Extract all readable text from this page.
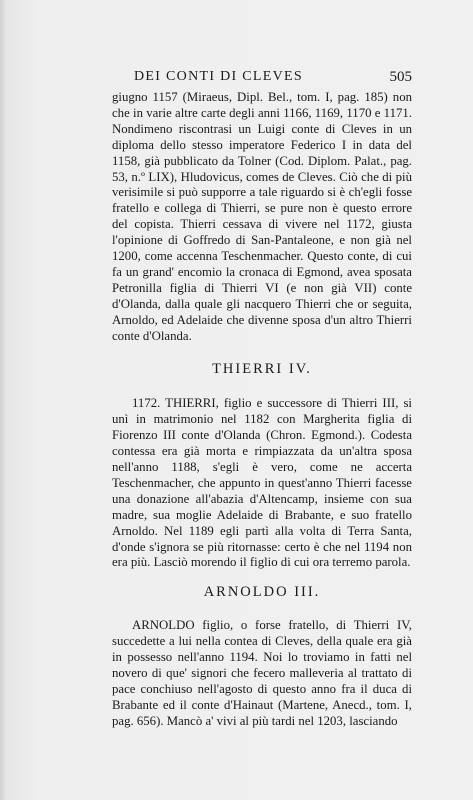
DEI CONTI DI CLEVES	505

giugno 1157 (Miraeus, Dipl. Bel., tom. I, pag. 185) non che in varie altre carte degli anni 1166, 1169, 1170 e 1171. Nondimeno riscontrasi un Luigi conte di Cleves in un diploma dello stesso imperatore Federico I in data del 1158, già pubblicato da Tolner (Cod. Diplom. Palat., pag. 53, n.º LIX), Hludovicus, comes de Cleves. Ciò che di più verisimile si può supporre a tale riguardo si è ch'egli fosse fratello e collega di Thierri, se pure non è questo errore del copista. Thierri cessava di vivere nel 1172, giusta l'opinione di Goffredo di San-Pantaleone, e non già nel 1200, come accenna Teschenmacher. Questo conte, di cui fa un grand' encomio la cronaca di Egmond, avea sposata Petronilla figlia di Thierri VI (e non già VII) conte d'Olanda, dalla quale gli nacquero Thierri che or seguita, Arnoldo, ed Adelaide che divenne sposa d'un altro Thierri conte d'Olanda.

THIERRI IV.

1172. THIERRI, figlio e successore di Thierri III, si unì in matrimonio nel 1182 con Margherita figlia di Fiorenzo III conte d'Olanda (Chron. Egmond.). Codesta contessa era già morta e rimpiazzata da un'altra sposa nell'anno 1188, s'egli è vero, come ne accerta Teschenmacher, che appunto in quest'anno Thierri facesse una donazione all'abazia d'Altencamp, insieme con sua madre, sua moglie Adelaide di Brabante, e suo fratello Arnoldo. Nel 1189 egli partì alla volta di Terra Santa, d'onde s'ignora se più ritornasse: certo è che nel 1194 non era più. Lasciò morendo il figlio di cui ora terremo parola.

ARNOLDO III.

ARNOLDO figlio, o forse fratello, di Thierri IV, succedette a lui nella contea di Cleves, della quale era già in possesso nell'anno 1194. Noi lo troviamo in fatti nel novero di que' signori che fecero malleveria al trattato di pace conchiuso nell'agosto di questo anno fra il duca di Brabante ed il conte d'Hainaut (Martene, Anecd., tom. I, pag. 656). Mancò a' vivi al più tardi nel 1203, lasciando
